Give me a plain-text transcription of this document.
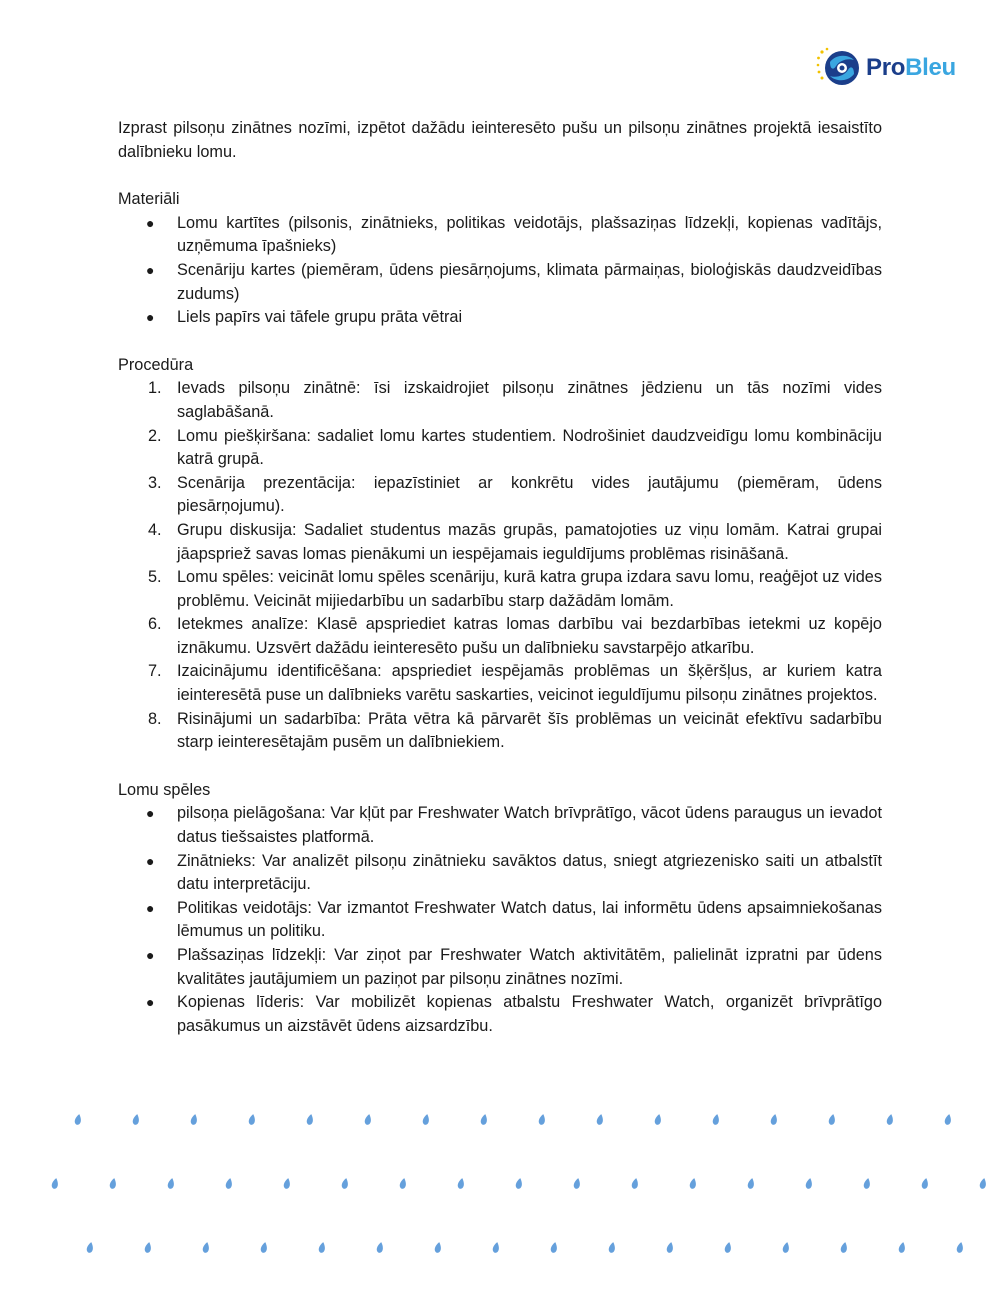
ProBleu

Izprast pilsoņu zinātnes nozīmi, izpētot dažādu ieinteresēto pušu un pilsoņu zinātnes projektā iesaistīto dalībnieku lomu.

Materiāli

● Lomu kartītes (pilsonis, zinātnieks, politikas veidotājs, plašsaziņas līdzekļi, kopienas vadītājs, uzņēmuma īpašnieks)
● Scenāriju kartes (piemēram, ūdens piesārņojums, klimata pārmaiņas, bioloģiskās daudzveidības zudums)
● Liels papīrs vai tāfele grupu prāta vētrai

Procedūra

1. Ievads pilsoņu zinātnē: īsi izskaidrojiet pilsoņu zinātnes jēdzienu un tās nozīmi vides saglabāšanā.
2. Lomu piešķiršana: sadaliet lomu kartes studentiem. Nodrošiniet daudzveidīgu lomu kombināciju katrā grupā.
3. Scenārija prezentācija: iepazīstiniet ar konkrētu vides jautājumu (piemēram, ūdens piesārņojumu).
4. Grupu diskusija: Sadaliet studentus mazās grupās, pamatojoties uz viņu lomām. Katrai grupai jāapspriež savas lomas pienākumi un iespējamais ieguldījums problēmas risināšanā.
5. Lomu spēles: veicināt lomu spēles scenāriju, kurā katra grupa izdara savu lomu, reaģējot uz vides problēmu. Veicināt mijiedarbību un sadarbību starp dažādām lomām.
6. Ietekmes analīze: Klasē apspriediet katras lomas darbību vai bezdarbības ietekmi uz kopējo iznākumu. Uzsvērt dažādu ieinteresēto pušu un dalībnieku savstarpējo atkarību.
7. Izaicinājumu identificēšana: apspriediet iespējamās problēmas un šķēršļus, ar kuriem katra ieinteresētā puse un dalībnieks varētu saskarties, veicinot ieguldījumu pilsoņu zinātnes projektos.
8. Risinājumi un sadarbība: Prāta vētra kā pārvarēt šīs problēmas un veicināt efektīvu sadarbību starp ieinteresētajām pusēm un dalībniekiem.

Lomu spēles

● pilsoņa pielāgošana: Var kļūt par Freshwater Watch brīvprātīgo, vācot ūdens paraugus un ievadot datus tiešsaistes platformā.
● Zinātnieks: Var analizēt pilsoņu zinātnieku savāktos datus, sniegt atgriezenisko saiti un atbalstīt datu interpretāciju.
● Politikas veidotājs: Var izmantot Freshwater Watch datus, lai informētu ūdens apsaimniekošanas lēmumus un politiku.
● Plašsaziņas līdzekļi: Var ziņot par Freshwater Watch aktivitātēm, palielināt izpratni par ūdens kvalitātes jautājumiem un paziņot par pilsoņu zinātnes nozīmi.
● Kopienas līderis: Var mobilizēt kopienas atbalstu Freshwater Watch, organizēt brīvprātīgo pasākumus un aizstāvēt ūdens aizsardzību.
